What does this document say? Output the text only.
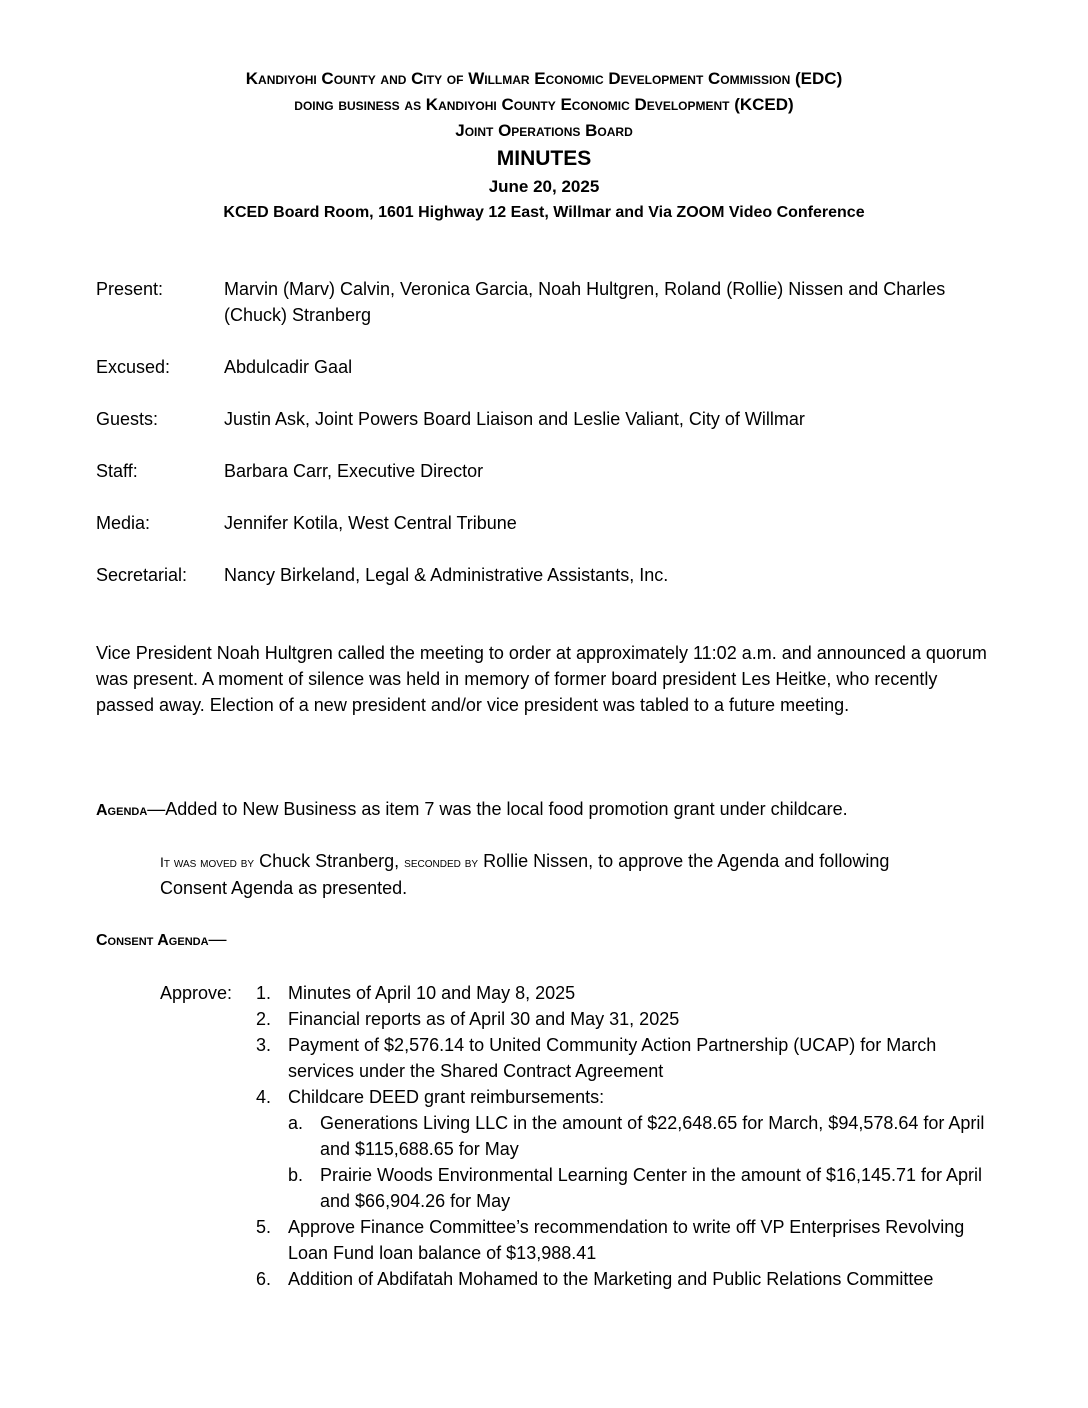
Kandiyohi County and City of Willmar Economic Development Commission (EDC)
doing business as Kandiyohi County Economic Development (KCED)
Joint Operations Board
MINUTES
June 20, 2025
KCED Board Room, 1601 Highway 12 East, Willmar and Via ZOOM Video Conference
Present:	Marvin (Marv) Calvin, Veronica Garcia, Noah Hultgren, Roland (Rollie) Nissen and Charles (Chuck) Stranberg
Excused:	Abdulcadir Gaal
Guests:	Justin Ask, Joint Powers Board Liaison and Leslie Valiant, City of Willmar
Staff:	Barbara Carr, Executive Director
Media:	Jennifer Kotila, West Central Tribune
Secretarial:	Nancy Birkeland, Legal & Administrative Assistants, Inc.
Vice President Noah Hultgren called the meeting to order at approximately 11:02 a.m. and announced a quorum was present. A moment of silence was held in memory of former board president Les Heitke, who recently passed away. Election of a new president and/or vice president was tabled to a future meeting.
Agenda—Added to New Business as item 7 was the local food promotion grant under childcare.
It was moved by Chuck Stranberg, seconded by Rollie Nissen, to approve the Agenda and following Consent Agenda as presented.
Consent Agenda—
Approve: 1. Minutes of April 10 and May 8, 2025
2. Financial reports as of April 30 and May 31, 2025
3. Payment of $2,576.14 to United Community Action Partnership (UCAP) for March services under the Shared Contract Agreement
4. Childcare DEED grant reimbursements:
a. Generations Living LLC in the amount of $22,648.65 for March, $94,578.64 for April and $115,688.65 for May
b. Prairie Woods Environmental Learning Center in the amount of $16,145.71 for April and $66,904.26 for May
5. Approve Finance Committee’s recommendation to write off VP Enterprises Revolving Loan Fund loan balance of $13,988.41
6. Addition of Abdifatah Mohamed to the Marketing and Public Relations Committee
